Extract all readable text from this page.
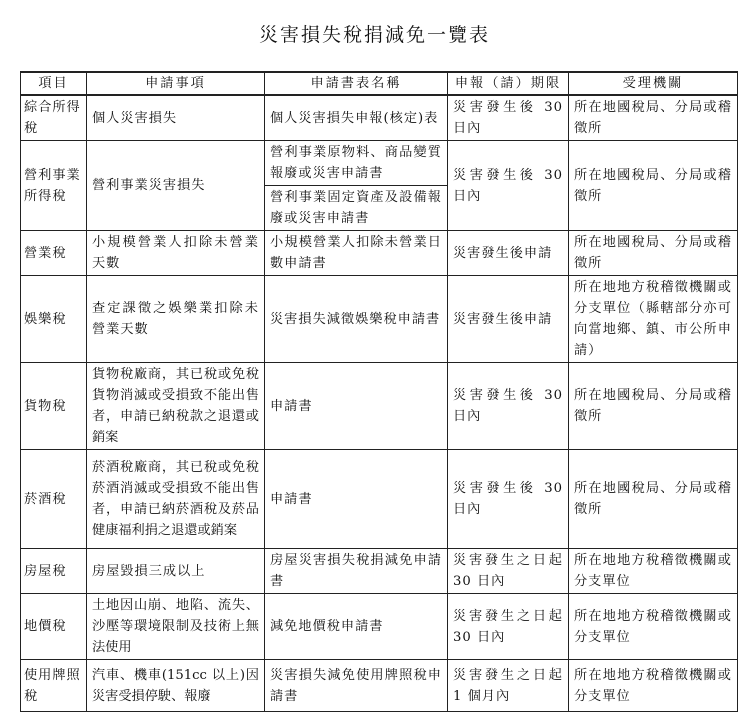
災害損失稅捐減免一覽表
項目	申請事項	申請書表名稱	申報（請）期限	受理機關
綜合所得稅	個人災害損失	個人災害損失申報(核定)表	災害發生後 30 日內	所在地國稅局、分局或稽徵所
營利事業所得稅	營利事業災害損失	營利事業原物料、商品變質報廢或災害申請書	災害發生後 30 日內	所在地國稅局、分局或稽徵所
		營利事業固定資產及設備報廢或災害申請書		
營業稅	小規模營業人扣除未營業天數	小規模營業人扣除未營業日數申請書	災害發生後申請	所在地國稅局、分局或稽徵所
娛樂稅	查定課徵之娛樂業扣除未營業天數	災害損失減徵娛樂稅申請書	災害發生後申請	所在地地方稅稽徵機關或分支單位（縣轄部分亦可向當地鄉、鎮、市公所申請）
貨物稅	貨物稅廠商，其已稅或免稅貨物消滅或受損致不能出售者，申請已納稅款之退還或銷案	申請書	災害發生後 30 日內	所在地國稅局、分局或稽徵所
菸酒稅	菸酒稅廠商，其已稅或免稅菸酒消滅或受損致不能出售者，申請已納菸酒稅及菸品健康福利捐之退還或銷案	申請書	災害發生後 30 日內	所在地國稅局、分局或稽徵所
房屋稅	房屋毀損三成以上	房屋災害損失稅捐減免申請書	災害發生之日起 30 日內	所在地地方稅稽徵機關或分支單位
地價稅	土地因山崩、地陷、流失、沙壓等環境限制及技術上無法使用	減免地價稅申請書	災害發生之日起 30 日內	所在地地方稅稽徵機關或分支單位
使用牌照稅	汽車、機車(151cc 以上)因災害受損停駛、報廢	災害損失減免使用牌照稅申請書	災害發生之日起 1 個月內	所在地地方稅稽徵機關或分支單位
